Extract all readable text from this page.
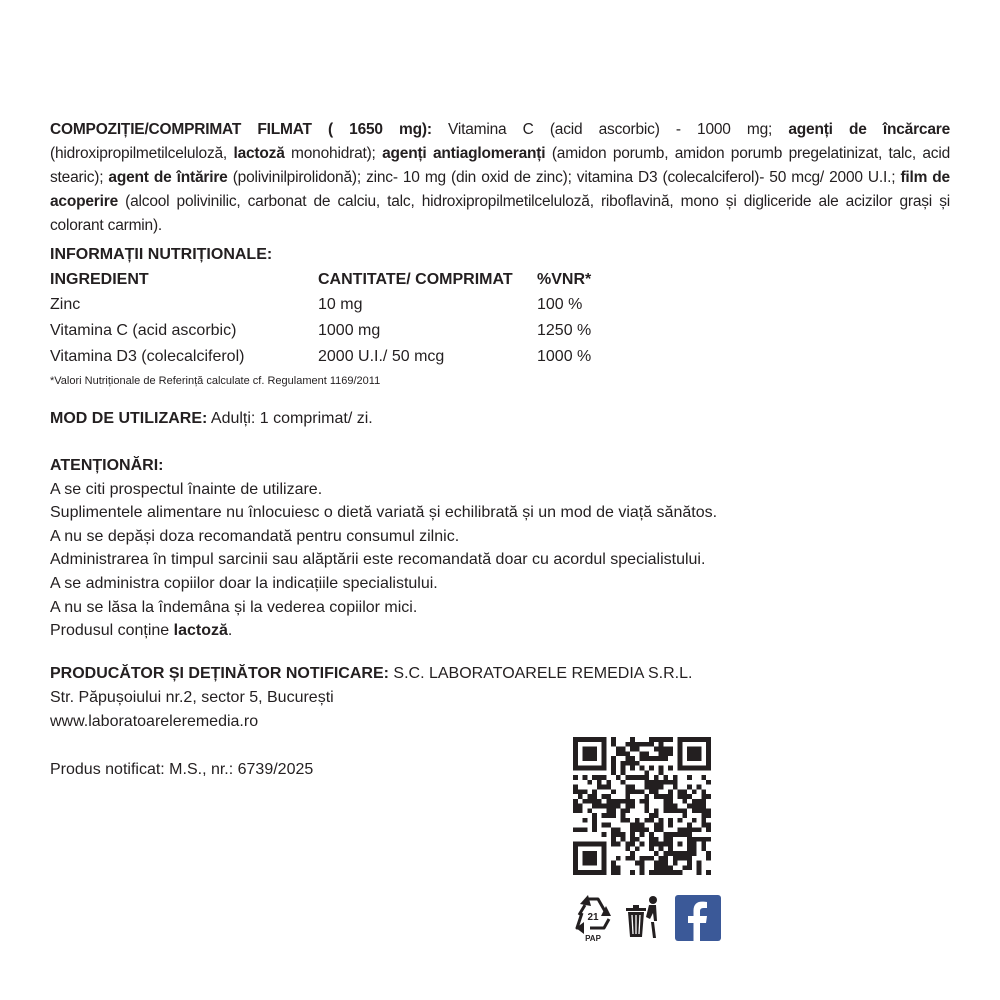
COMPOZIȚIE/COMPRIMAT FILMAT ( 1650 mg): Vitamina C (acid ascorbic) - 1000 mg; agenți de încărcare (hidroxipropilmetilceluloză, lactoză monohidrat); agenți antiaglomeranți (amidon porumb, amidon porumb pregelatinizat, talc, acid stearic); agent de întărire (polivinilpirolidonă); zinc- 10 mg (din oxid de zinc); vitamina D3 (colecalciferol)- 50 mcg/ 2000 U.I.; film de acoperire (alcool polivinilic, carbonat de calciu, talc, hidroxipropilmetilceluloză, riboflavină, mono și digliceride ale acizilor grași și colorant carmin).
INFORMAȚII NUTRIȚIONALE:
INGREDIENT	CANTITATE/ COMPRIMAT	%VNR*
Zinc	10 mg	100 %
Vitamina C (acid ascorbic)	1000 mg	1250 %
Vitamina D3 (colecalciferol)	2000 U.I./ 50 mcg	1000 %
*Valori Nutriționale de Referință calculate cf. Regulament 1169/2011
MOD DE UTILIZARE: Adulți: 1 comprimat/ zi.
ATENȚIONĂRI:
A se citi prospectul înainte de utilizare.
Suplimentele alimentare nu înlocuiesc o dietă variată și echilibrată și un mod de viață sănătos.
A nu se depăși doza recomandată pentru consumul zilnic.
Administrarea în timpul sarcinii sau alăptării este recomandată doar cu acordul specialistului.
A se administra copiilor doar la indicațiile specialistului.
A nu se lăsa la îndemâna și la vederea copiilor mici.
Produsul conține lactoză.
PRODUCĂTOR ȘI DEȚINĂTOR NOTIFICARE: S.C. LABORATOARELE REMEDIA S.R.L.
Str. Păpușoiului nr.2, sector 5, București
www.laboratoareleremedia.ro
Produs notificat: M.S., nr.: 6739/2025
21
PAP
